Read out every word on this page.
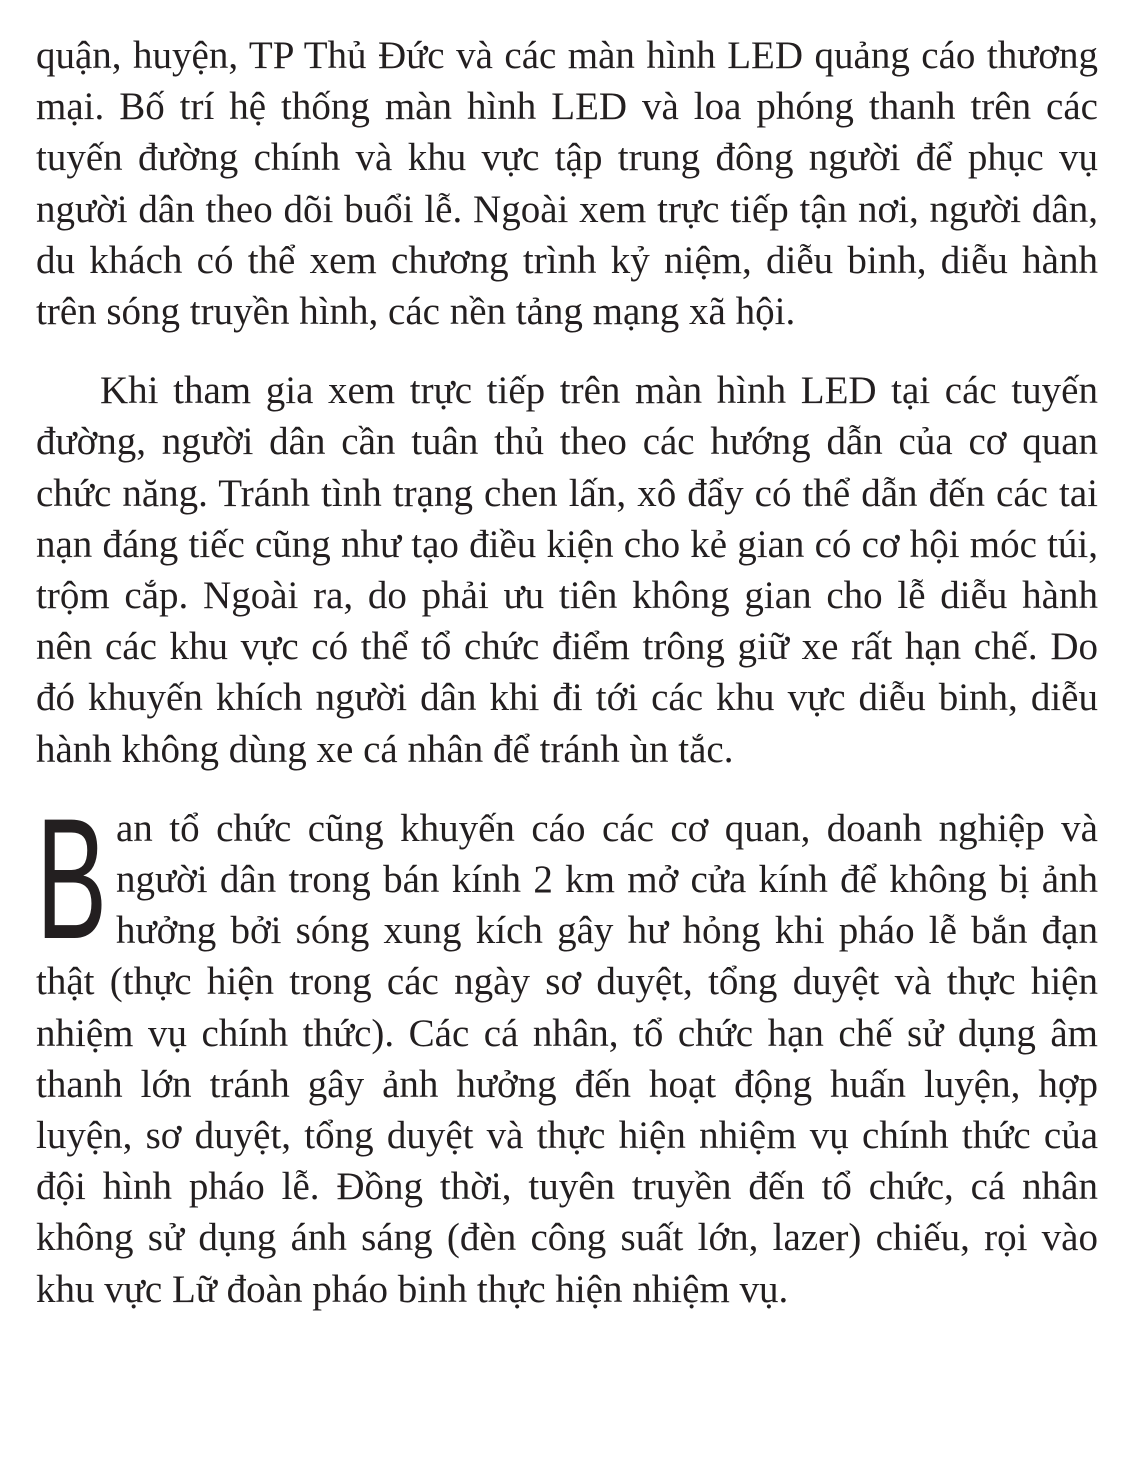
quận, huyện, TP Thủ Đức và các màn hình LED quảng cáo thương mại. Bố trí hệ thống màn hình LED và loa phóng thanh trên các tuyến đường chính và khu vực tập trung đông người để phục vụ người dân theo dõi buổi lễ. Ngoài xem trực tiếp tận nơi, người dân, du khách có thể xem chương trình kỷ niệm, diễu binh, diễu hành trên sóng truyền hình, các nền tảng mạng xã hội.

Khi tham gia xem trực tiếp trên màn hình LED tại các tuyến đường, người dân cần tuân thủ theo các hướng dẫn của cơ quan chức năng. Tránh tình trạng chen lấn, xô đẩy có thể dẫn đến các tai nạn đáng tiếc cũng như tạo điều kiện cho kẻ gian có cơ hội móc túi, trộm cắp. Ngoài ra, do phải ưu tiên không gian cho lễ diễu hành nên các khu vực có thể tổ chức điểm trông giữ xe rất hạn chế. Do đó khuyến khích người dân khi đi tới các khu vực diễu binh, diễu hành không dùng xe cá nhân để tránh ùn tắc.

B an tổ chức cũng khuyến cáo các cơ quan, doanh nghiệp và người dân trong bán kính 2 km mở cửa kính để không bị ảnh hưởng bởi sóng xung kích gây hư hỏng khi pháo lễ bắn đạn thật (thực hiện trong các ngày sơ duyệt, tổng duyệt và thực hiện nhiệm vụ chính thức). Các cá nhân, tổ chức hạn chế sử dụng âm thanh lớn tránh gây ảnh hưởng đến hoạt động huấn luyện, hợp luyện, sơ duyệt, tổng duyệt và thực hiện nhiệm vụ chính thức của đội hình pháo lễ. Đồng thời, tuyên truyền đến tổ chức, cá nhân không sử dụng ánh sáng (đèn công suất lớn, lazer) chiếu, rọi vào khu vực Lữ đoàn pháo binh thực hiện nhiệm vụ.
